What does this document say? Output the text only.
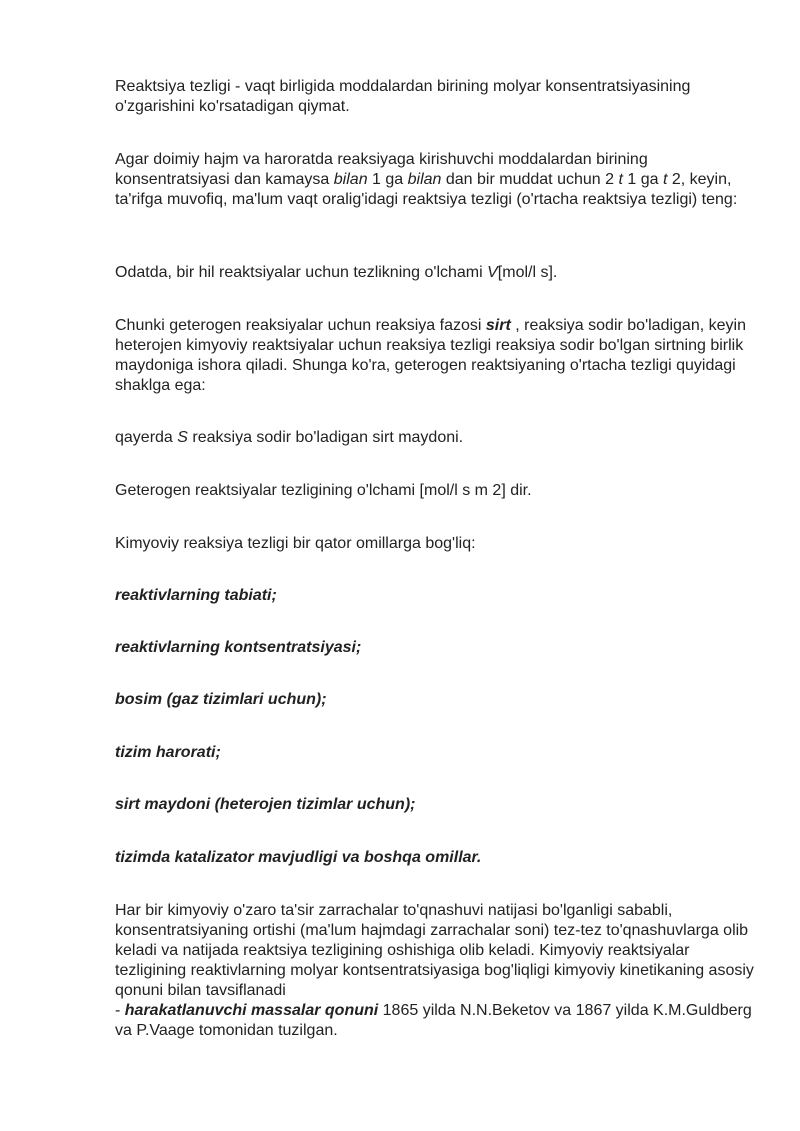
Reaktsiya tezligi - vaqt birligida moddalardan birining molyar konsentratsiyasining o'zgarishini ko'rsatadigan qiymat.

Agar doimiy hajm va haroratda reaksiyaga kirishuvchi moddalardan birining konsentratsiyasi dan kamaysa bilan 1 ga bilan dan bir muddat uchun 2 t 1 ga t 2, keyin, ta'rifga muvofiq, ma'lum vaqt oralig'idagi reaktsiya tezligi (o'rtacha reaktsiya tezligi) teng:

Odatda, bir hil reaktsiyalar uchun tezlikning o'lchami V[mol/l s].

Chunki geterogen reaksiyalar uchun reaksiya fazosi sirt , reaksiya sodir bo'ladigan, keyin heterojen kimyoviy reaktsiyalar uchun reaksiya tezligi reaksiya sodir bo'lgan sirtning birlik maydoniga ishora qiladi. Shunga ko'ra, geterogen reaktsiyaning o'rtacha tezligi quyidagi shaklga ega:

qayerda S reaksiya sodir bo'ladigan sirt maydoni.

Geterogen reaktsiyalar tezligining o'lchami [mol/l s m 2] dir.

Kimyoviy reaksiya tezligi bir qator omillarga bog'liq:

reaktivlarning tabiati;

reaktivlarning kontsentratsiyasi;

bosim (gaz tizimlari uchun);

tizim harorati;

sirt maydoni (heterojen tizimlar uchun);

tizimda katalizator mavjudligi va boshqa omillar.

Har bir kimyoviy o'zaro ta'sir zarrachalar to'qnashuvi natijasi bo'lganligi sababli, konsentratsiyaning ortishi (ma'lum hajmdagi zarrachalar soni) tez-tez to'qnashuvlarga olib keladi va natijada reaktsiya tezligining oshishiga olib keladi. Kimyoviy reaktsiyalar tezligining reaktivlarning molyar kontsentratsiyasiga bog'liqligi kimyoviy kinetikaning asosiy qonuni bilan tavsiflanadi
- harakatlanuvchi massalar qonuni 1865 yilda N.N.Beketov va 1867 yilda K.M.Guldberg va P.Vaage tomonidan tuzilgan.
